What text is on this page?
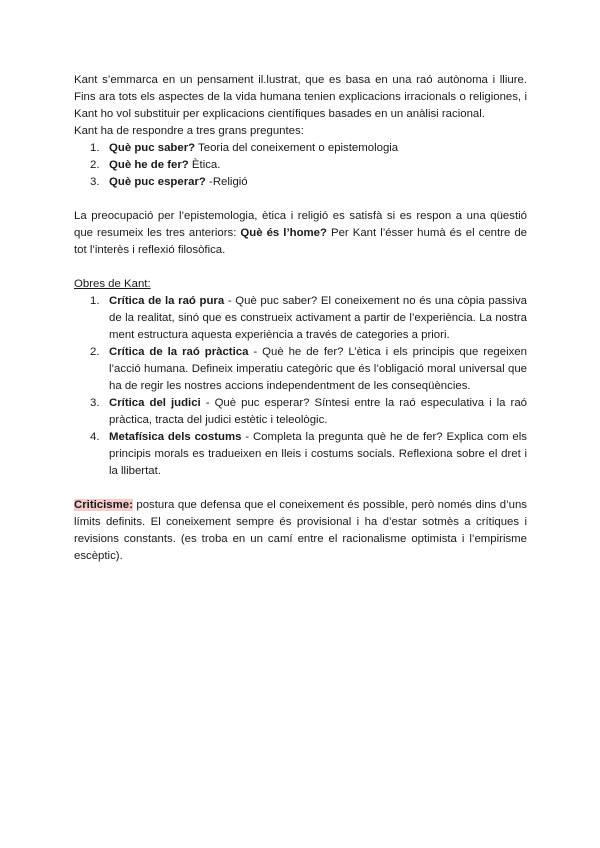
Kant s’emmarca en un pensament il.lustrat, que es basa en una raó autònoma i lliure. Fins ara tots els aspectes de la vida humana tenien explicacions irracionals o religiones, i Kant ho vol substituir per explicacions científiques basades en un anàlisi racional.

Kant ha de respondre a tres grans preguntes:

1. Què puc saber? Teoria del coneixement o epistemologia
2. Què he de fer? Ètica.
3. Què puc esperar? -Religió

La preocupació per l’epistemologia, ètica i religió es satisfà si es respon a una qüestió que resumeix les tres anteriors: Què és l’home? Per Kant l’ésser humà és el centre de tot l’interès i reflexió filosòfica.

Obres de Kant:

1. Crítica de la raó pura - Què puc saber? El coneixement no és una còpia passiva de la realitat, sinó que es construeix activament a partir de l’experiència. La nostra ment estructura aquesta experiència a través de categories a priori.
2. Crítica de la raó pràctica - Què he de fer? L’ètica i els principis que regeixen l’acció humana. Defineix imperatiu categòric que és l’obligació moral universal que ha de regir les nostres accions independentment de les conseqüències.
3. Crítica del judici - Què puc esperar? Síntesi entre la raó especulativa i la raó pràctica, tracta del judici estètic i teleològic.
4. Metafísica dels costums - Completa la pregunta què he de fer? Explica com els principis morals es tradueixen en lleis i costums socials. Reflexiona sobre el dret i la llibertat.

Criticisme: postura que defensa que el coneixement és possible, però només dins d’uns límits definits. El coneixement sempre és provisional i ha d’estar sotmès a crítiques i revisions constants. (es troba en un camí entre el racionalisme optimista i l’empirisme escèptic).
